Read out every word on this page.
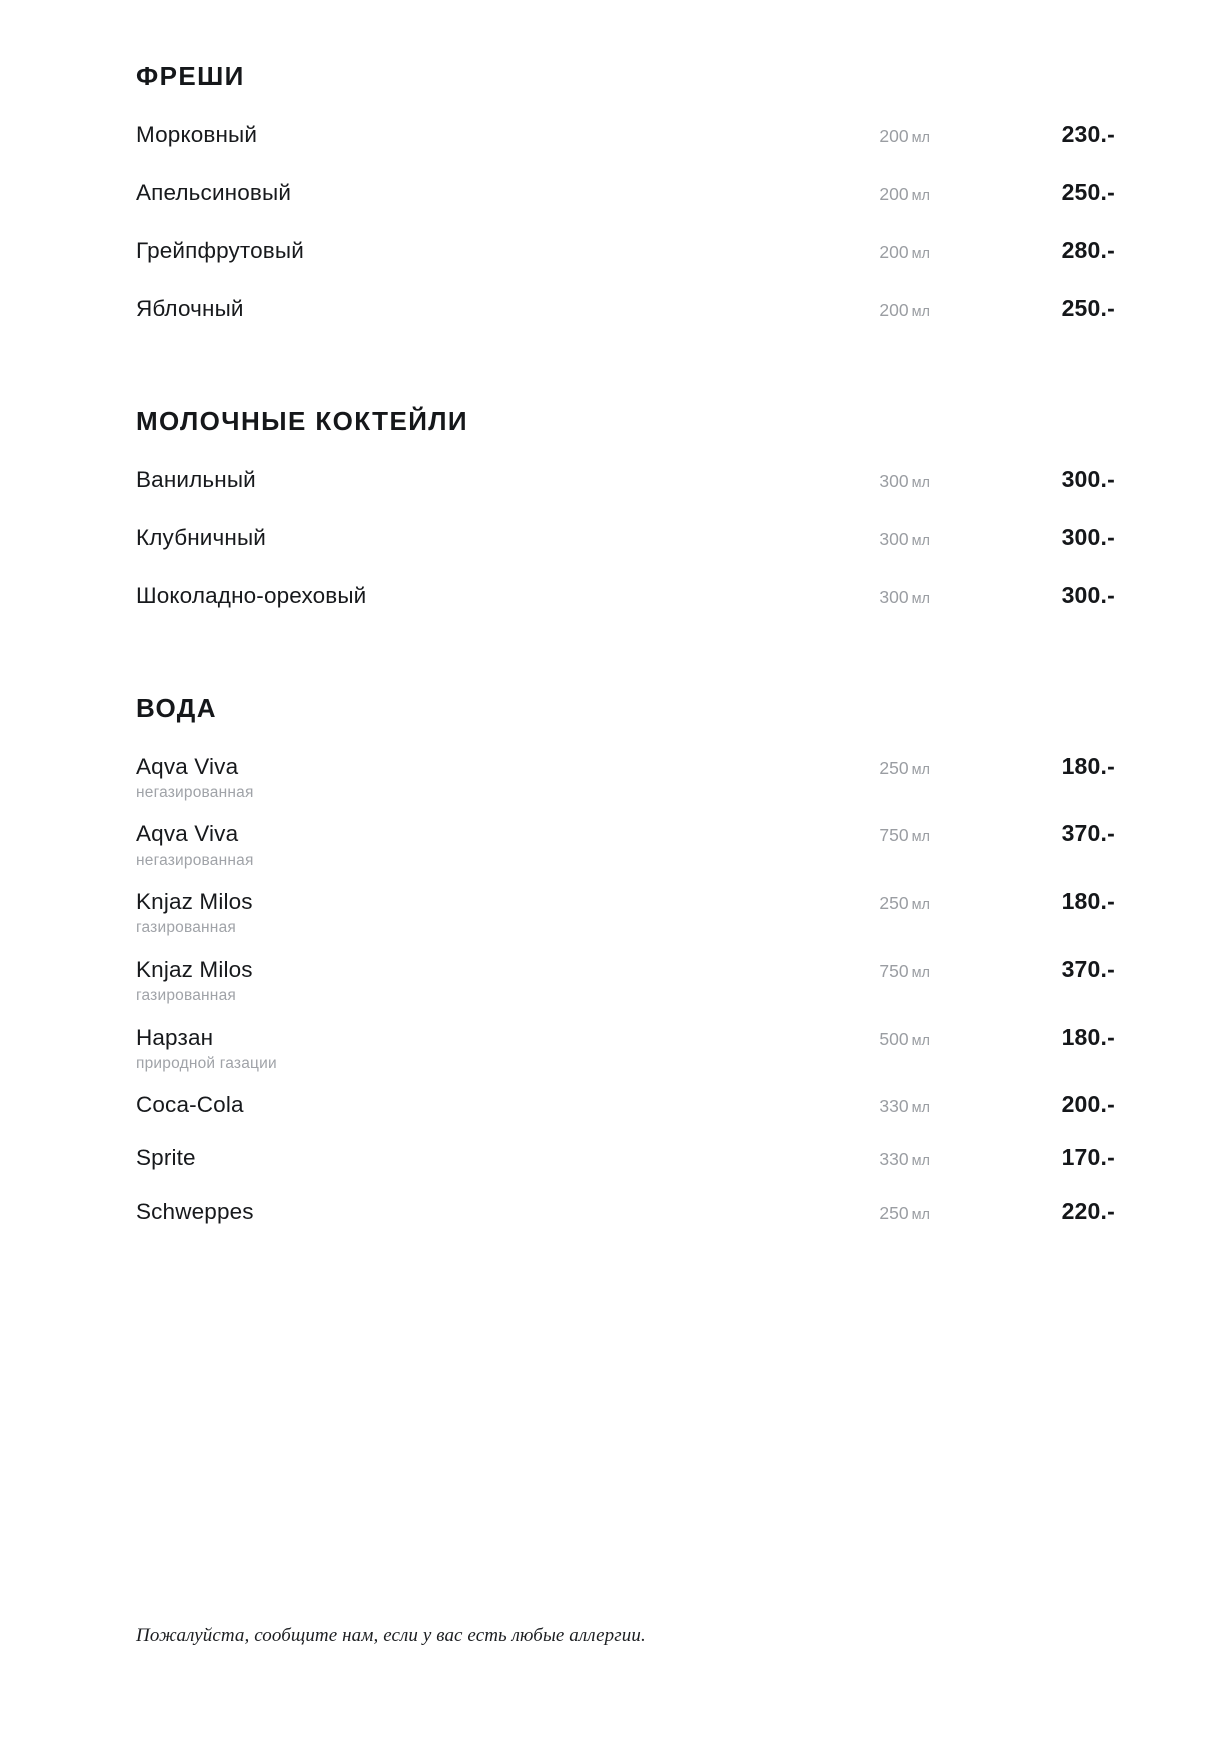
ФРЕШИ
Морковный .....	200 мл	230.-
Апельсиновый .....	200 мл	250.-
Грейпфрутовый .....	200 мл	280.-
Яблочный .....	200 мл	250.-
МОЛОЧНЫЕ КОКТЕЙЛИ
Ванильный .....	300 мл	300.-
Клубничный .....	300 мл	300.-
Шоколадно-ореховый .....	300 мл	300.-
ВОДА
Aqva Viva .....	250 мл	180.-
негазированная
Aqva Viva .....	750 мл	370.-
негазированная
Knjaz Milos .....	250 мл	180.-
газированная
Knjaz Milos .....	750 мл	370.-
газированная
Нарзан .....	500 мл	180.-
природной газации
Coca-Cola .....	330 мл	200.-
Sprite .....	330 мл	170.-
Schweppes .....	250 мл	220.-
Пожалуйста, сообщите нам, если у вас есть любые аллергии.
